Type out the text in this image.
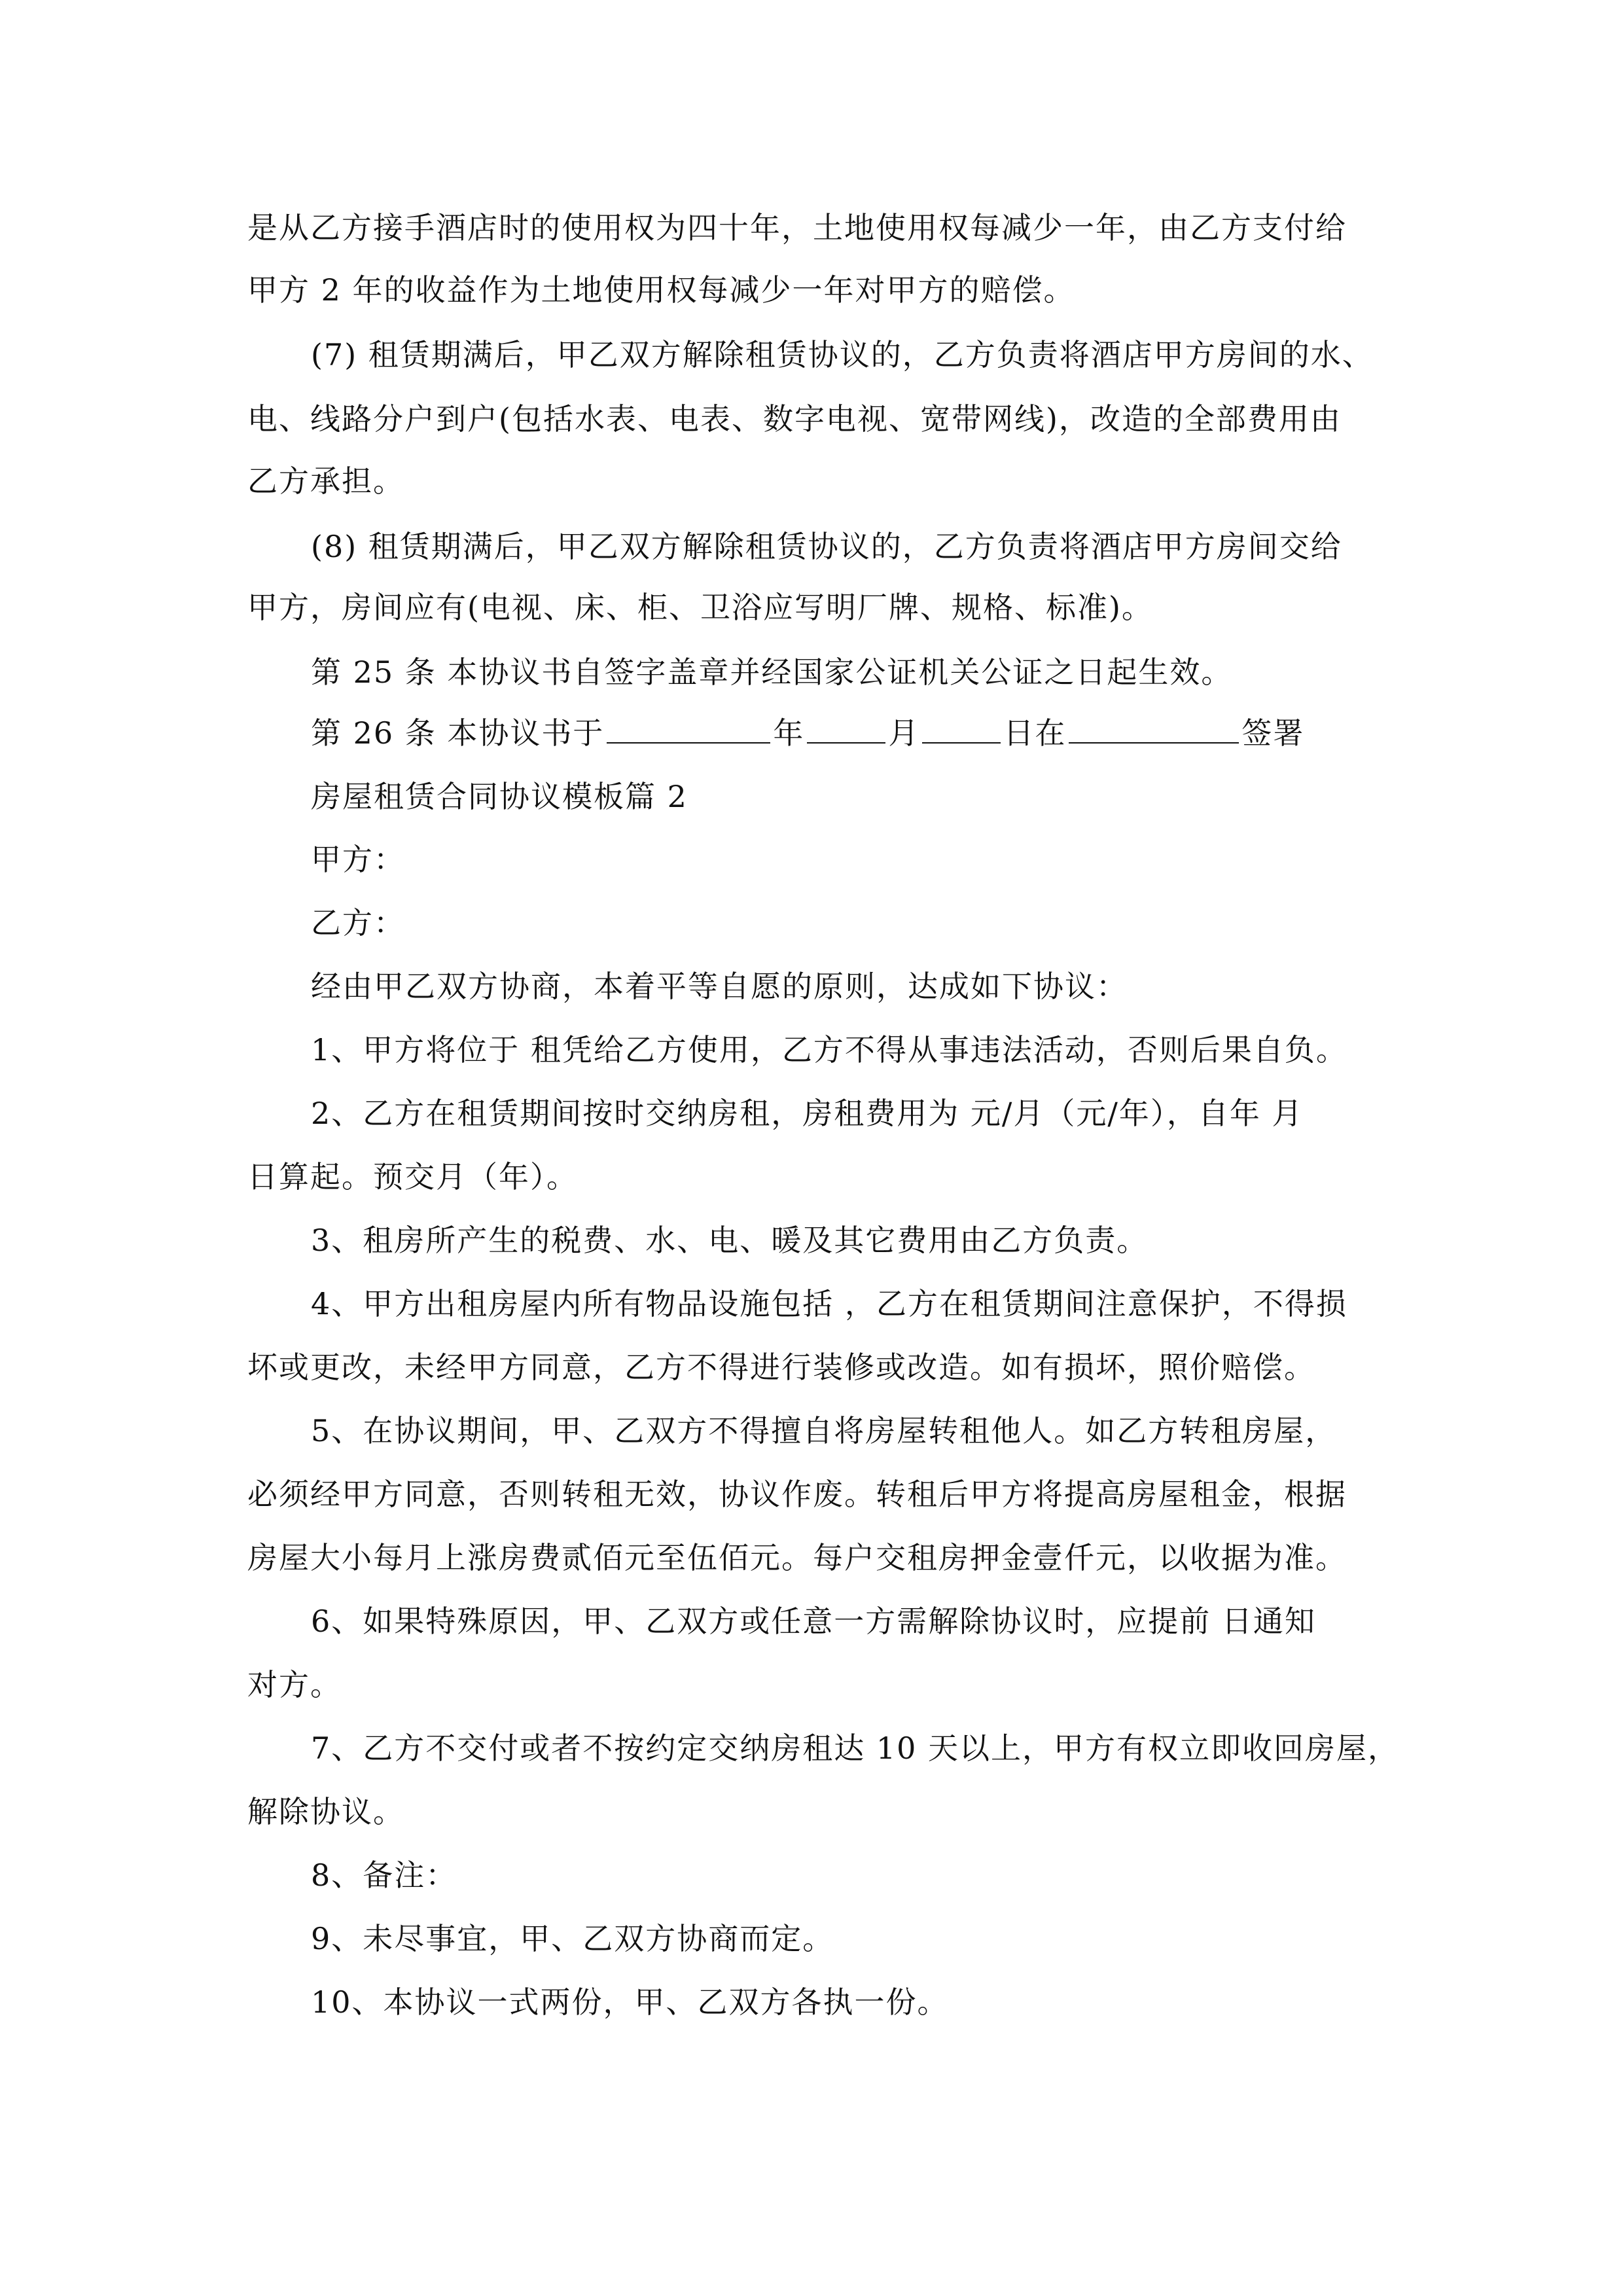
是从乙方接手酒店时的使用权为四十年，土地使用权每减少一年，由乙方支付给
甲方 2 年的收益作为土地使用权每减少一年对甲方的赔偿。
(7) 租赁期满后，甲乙双方解除租赁协议的，乙方负责将酒店甲方房间的水、
电、线路分户到户(包括水表、电表、数字电视、宽带网线)，改造的全部费用由
乙方承担。
(8) 租赁期满后，甲乙双方解除租赁协议的，乙方负责将酒店甲方房间交给
甲方，房间应有(电视、床、柜、卫浴应写明厂牌、规格、标准)。
第 25 条 本协议书自签字盖章并经国家公证机关公证之日起生效。
第 26 条 本协议书于	年	月	日在	签署
房屋租赁合同协议模板篇 2
甲方：
乙方：
经由甲乙双方协商，本着平等自愿的原则，达成如下协议：
1、甲方将位于 租凭给乙方使用，乙方不得从事违法活动，否则后果自负。
2、乙方在租赁期间按时交纳房租，房租费用为 元/月（元/年），自年 月
日算起。预交月（年）。
3、租房所产生的税费、水、电、暖及其它费用由乙方负责。
4、甲方出租房屋内所有物品设施包括 ，乙方在租赁期间注意保护，不得损
坏或更改，未经甲方同意，乙方不得进行装修或改造。如有损坏，照价赔偿。
5、在协议期间，甲、乙双方不得擅自将房屋转租他人。如乙方转租房屋，
必须经甲方同意，否则转租无效，协议作废。转租后甲方将提高房屋租金，根据
房屋大小每月上涨房费贰佰元至伍佰元。每户交租房押金壹仟元，以收据为准。
6、如果特殊原因，甲、乙双方或任意一方需解除协议时，应提前 日通知
对方。
7、乙方不交付或者不按约定交纳房租达 10 天以上，甲方有权立即收回房屋，
解除协议。
8、备注：
9、未尽事宜，甲、乙双方协商而定。
10、本协议一式两份，甲、乙双方各执一份。
